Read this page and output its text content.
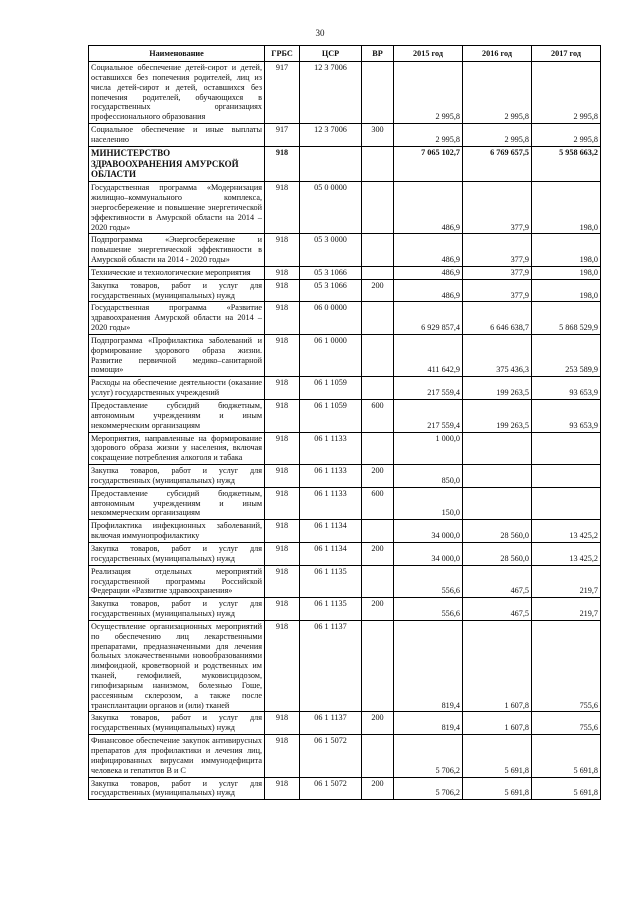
30
Наименование	ГРБС	ЦСР	ВР	2015 год	2016 год	2017 год
Социальное обеспечение детей-сирот и детей, оставшихся без попечения родителей, лиц из числа детей-сирот и детей, оставшихся без попечения родителей, обучающихся в государственных организациях профессионального образования	917	12 3 7006		2 995,8	2 995,8	2 995,8
Социальное обеспечение и иные выплаты населению	917	12 3 7006	300	2 995,8	2 995,8	2 995,8
МИНИСТЕРСТВО ЗДРАВООХРАНЕНИЯ АМУРСКОЙ ОБЛАСТИ	918			7 065 102,7	6 769 657,5	5 958 663,2
Государственная программа «Модернизация жилищно–коммунального комплекса, энергосбережение и повышение энергетической эффективности в Амурской области на 2014 – 2020 годы»	918	05 0 0000		486,9	377,9	198,0
Подпрограмма «Энергосбережение и повышение энергетической эффективности в Амурской области на 2014 - 2020 годы»	918	05 3 0000		486,9	377,9	198,0
Технические и технологические мероприятия	918	05 3 1066		486,9	377,9	198,0
Закупка товаров, работ и услуг для государственных (муниципальных) нужд	918	05 3 1066	200	486,9	377,9	198,0
Государственная программа «Развитие здравоохранения Амурской области на 2014 – 2020 годы»	918	06 0 0000		6 929 857,4	6 646 638,7	5 868 529,9
Подпрограмма «Профилактика заболеваний и формирование здорового образа жизни. Развитие первичной медико–санитарной помощи»	918	06 1 0000		411 642,9	375 436,3	253 589,9
Расходы на обеспечение деятельности (оказание услуг) государственных учреждений	918	06 1 1059		217 559,4	199 263,5	93 653,9
Предоставление субсидий бюджетным, автономным учреждениям и иным некоммерческим организациям	918	06 1 1059	600	217 559,4	199 263,5	93 653,9
Мероприятия, направленные на формирование здорового образа жизни у населения, включая сокращение потребления алкоголя и табака	918	06 1 1133		1 000,0		
Закупка товаров, работ и услуг для государственных (муниципальных) нужд	918	06 1 1133	200	850,0		
Предоставление субсидий бюджетным, автономным учреждениям и иным некоммерческим организациям	918	06 1 1133	600	150,0		
Профилактика инфекционных заболеваний, включая иммунопрофилактику	918	06 1 1134		34 000,0	28 560,0	13 425,2
Закупка товаров, работ и услуг для государственных (муниципальных) нужд	918	06 1 1134	200	34 000,0	28 560,0	13 425,2
Реализация отдельных мероприятий государственной программы Российской Федерации «Развитие здравоохранения»	918	06 1 1135		556,6	467,5	219,7
Закупка товаров, работ и услуг для государственных (муниципальных) нужд	918	06 1 1135	200	556,6	467,5	219,7
Осуществление организационных мероприятий по обеспечению лиц лекарственными препаратами, предназначенными для лечения больных злокачественными новообразованиями лимфоидной, кроветворной и родственных им тканей, гемофилией, муковисцидозом, гипофизарным нанизмом, болезнью Гоше, рассеянным склерозом, а также после трансплантации органов и (или) тканей	918	06 1 1137		819,4	1 607,8	755,6
Закупка товаров, работ и услуг для государственных (муниципальных) нужд	918	06 1 1137	200	819,4	1 607,8	755,6
Финансовое обеспечение закупок антивирусных препаратов для профилактики и лечения лиц, инфицированных вирусами иммунодефицита человека и гепатитов В и С	918	06 1 5072		5 706,2	5 691,8	5 691,8
Закупка товаров, работ и услуг для государственных (муниципальных) нужд	918	06 1 5072	200	5 706,2	5 691,8	5 691,8
